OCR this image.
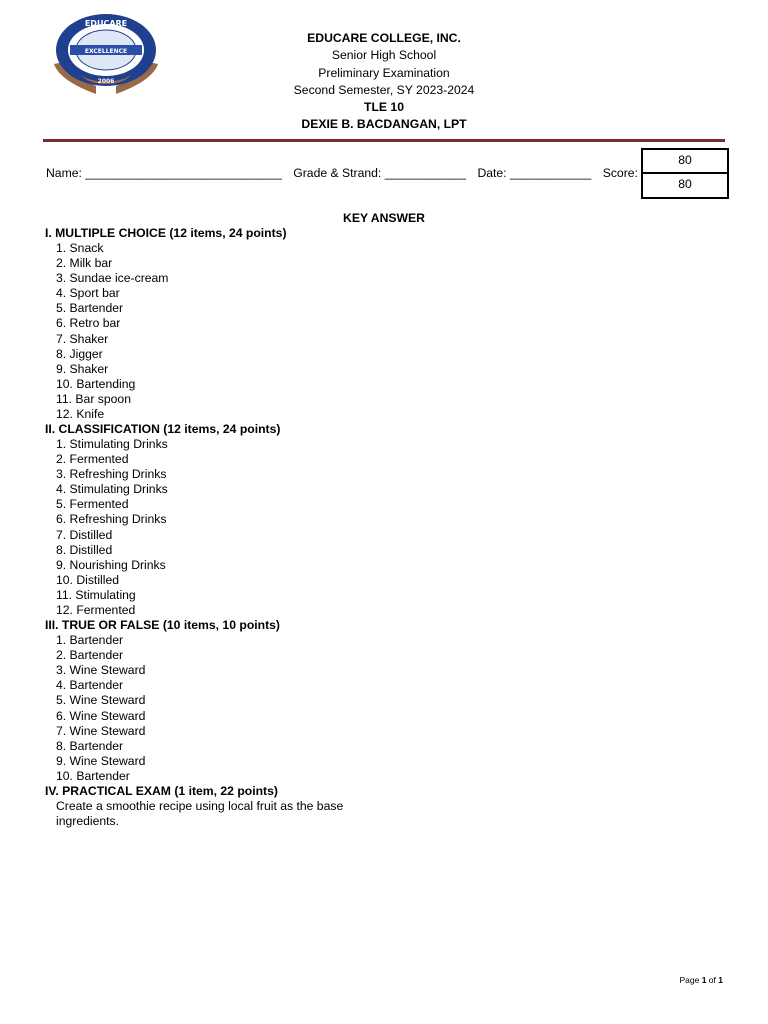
EDUCARE
EXCELLENCE
2006
EDUCARE COLLEGE, INC.
Senior High School
Preliminary Examination
Second Semester, SY 2023-2024
TLE 10
DEXIE B. BACDANGAN, LPT
Name: _____________________________ Grade & Strand: ____________ Date: ____________ Score:
80
80
KEY ANSWER
I. MULTIPLE CHOICE (12 items, 24 points)
1. Snack
2. Milk bar
3. Sundae ice-cream
4. Sport bar
5. Bartender
6. Retro bar
7. Shaker
8. Jigger
9. Shaker
10. Bartending
11. Bar spoon
12. Knife
II. CLASSIFICATION (12 items, 24 points)
1. Stimulating Drinks
2. Fermented
3. Refreshing Drinks
4. Stimulating Drinks
5. Fermented
6. Refreshing Drinks
7. Distilled
8. Distilled
9. Nourishing Drinks
10. Distilled
11. Stimulating
12. Fermented
III. TRUE OR FALSE (10 items, 10 points)
1. Bartender
2. Bartender
3. Wine Steward
4. Bartender
5. Wine Steward
6. Wine Steward
7. Wine Steward
8. Bartender
9. Wine Steward
10. Bartender
IV. PRACTICAL EXAM (1 item, 22 points)
Create a smoothie recipe using local fruit as the base ingredients.
Page 1 of 1
